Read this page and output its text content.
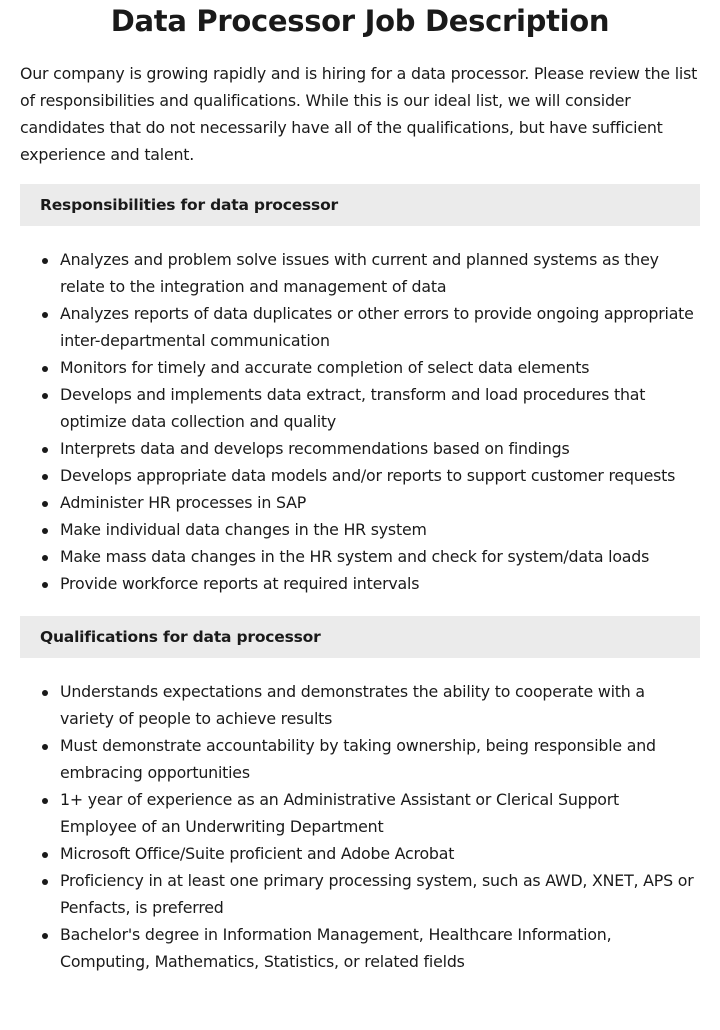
Data Processor Job Description

Our company is growing rapidly and is hiring for a data processor. Please review the list of responsibilities and qualifications. While this is our ideal list, we will consider candidates that do not necessarily have all of the qualifications, but have sufficient experience and talent.

Responsibilities for data processor
Analyzes and problem solve issues with current and planned systems as they relate to the integration and management of data
Analyzes reports of data duplicates or other errors to provide ongoing appropriate inter-departmental communication
Monitors for timely and accurate completion of select data elements
Develops and implements data extract, transform and load procedures that optimize data collection and quality
Interprets data and develops recommendations based on findings
Develops appropriate data models and/or reports to support customer requests
Administer HR processes in SAP
Make individual data changes in the HR system
Make mass data changes in the HR system and check for system/data loads
Provide workforce reports at required intervals
Qualifications for data processor
Understands expectations and demonstrates the ability to cooperate with a variety of people to achieve results
Must demonstrate accountability by taking ownership, being responsible and embracing opportunities
1+ year of experience as an Administrative Assistant or Clerical Support Employee of an Underwriting Department
Microsoft Office/Suite proficient and Adobe Acrobat
Proficiency in at least one primary processing system, such as AWD, XNET, APS or Penfacts, is preferred
Bachelor's degree in Information Management, Healthcare Information, Computing, Mathematics, Statistics, or related fields
